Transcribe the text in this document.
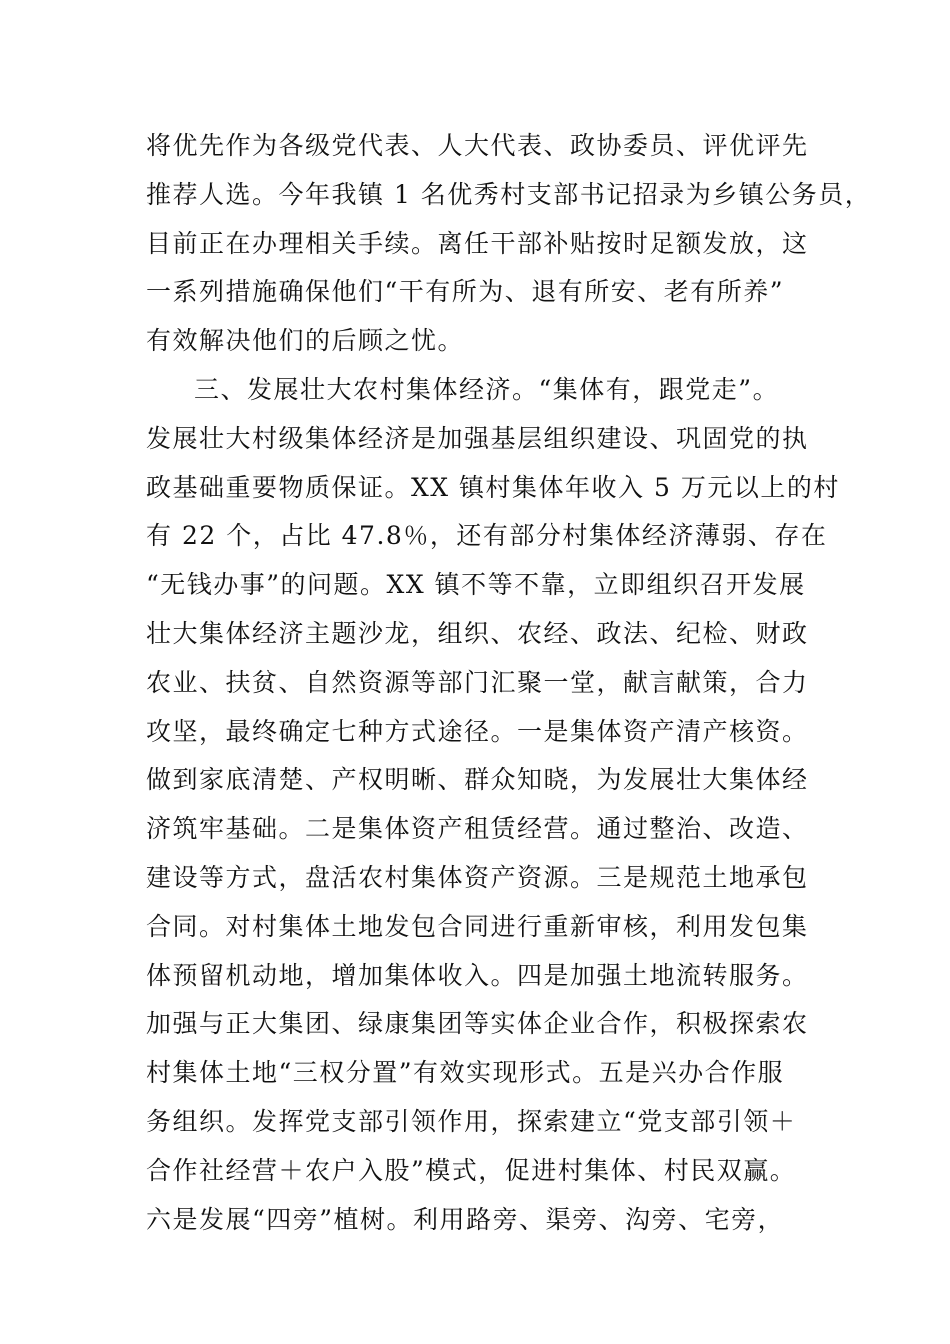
将优先作为各级党代表、人大代表、政协委员、评优评先
推荐人选。今年我镇 1 名优秀村支部书记招录为乡镇公务员，
目前正在办理相关手续。离任干部补贴按时足额发放，这
一系列措施确保他们“干有所为、退有所安、老有所养”
有效解决他们的后顾之忧。
三、发展壮大农村集体经济。“集体有，跟党走”。
发展壮大村级集体经济是加强基层组织建设、巩固党的执
政基础重要物质保证。XX 镇村集体年收入 5 万元以上的村
有 22 个，占比 47.8％，还有部分村集体经济薄弱、存在
“无钱办事”的问题。XX 镇不等不靠，立即组织召开发展
壮大集体经济主题沙龙，组织、农经、政法、纪检、财政
农业、扶贫、自然资源等部门汇聚一堂，献言献策，合力
攻坚，最终确定七种方式途径。一是集体资产清产核资。
做到家底清楚、产权明晰、群众知晓，为发展壮大集体经
济筑牢基础。二是集体资产租赁经营。通过整治、改造、
建设等方式，盘活农村集体资产资源。三是规范土地承包
合同。对村集体土地发包合同进行重新审核，利用发包集
体预留机动地，增加集体收入。四是加强土地流转服务。
加强与正大集团、绿康集团等实体企业合作，积极探索农
村集体土地“三权分置”有效实现形式。五是兴办合作服
务组织。发挥党支部引领作用，探索建立“党支部引领＋
合作社经营＋农户入股”模式，促进村集体、村民双赢。
六是发展“四旁”植树。利用路旁、渠旁、沟旁、宅旁，
